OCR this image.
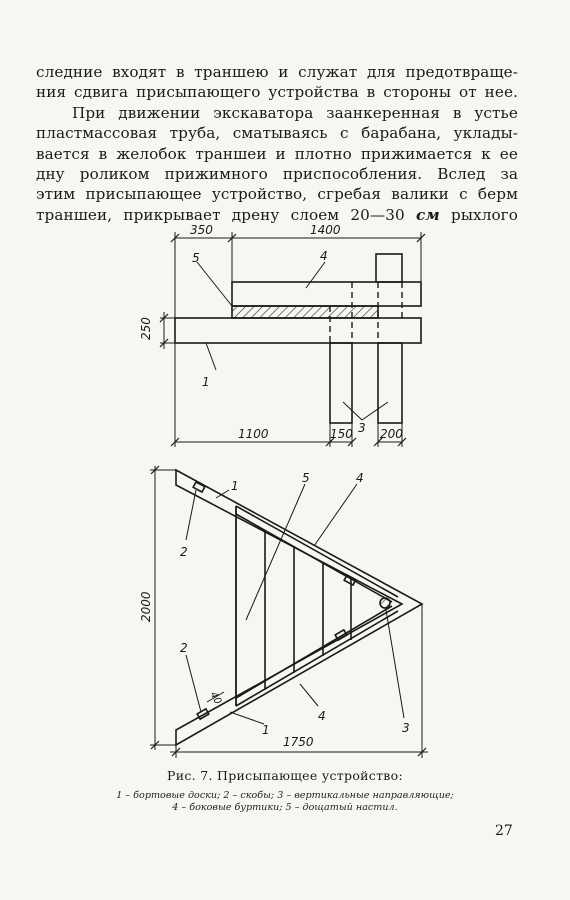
следние входят в траншею и служат для предотвраще-

ния сдвига присыпающего устройства в стороны от нее.

При движении экскаватора заанкеренная в устье

пластмассовая труба, сматываясь с барабана, уклады-

вается в желобок траншеи и плотно прижимается к ее

дну роликом прижимного приспособления. Вслед за

этим присыпающее устройство, сгребая валики с берм

траншеи, прикрывает дрену слоем 20—30 см рыхлого

350	1400
250
1100	150 200
5	4
1
3
2000
1750
40
1
1
2
2
3
4
4
5
Рис. 7. Присыпающее устройство:
1 – бортовые доски; 2 – скобы; 3 – вертикальные направляющие;
4 – боковые буртики; 5 – дощатый настил.
27
